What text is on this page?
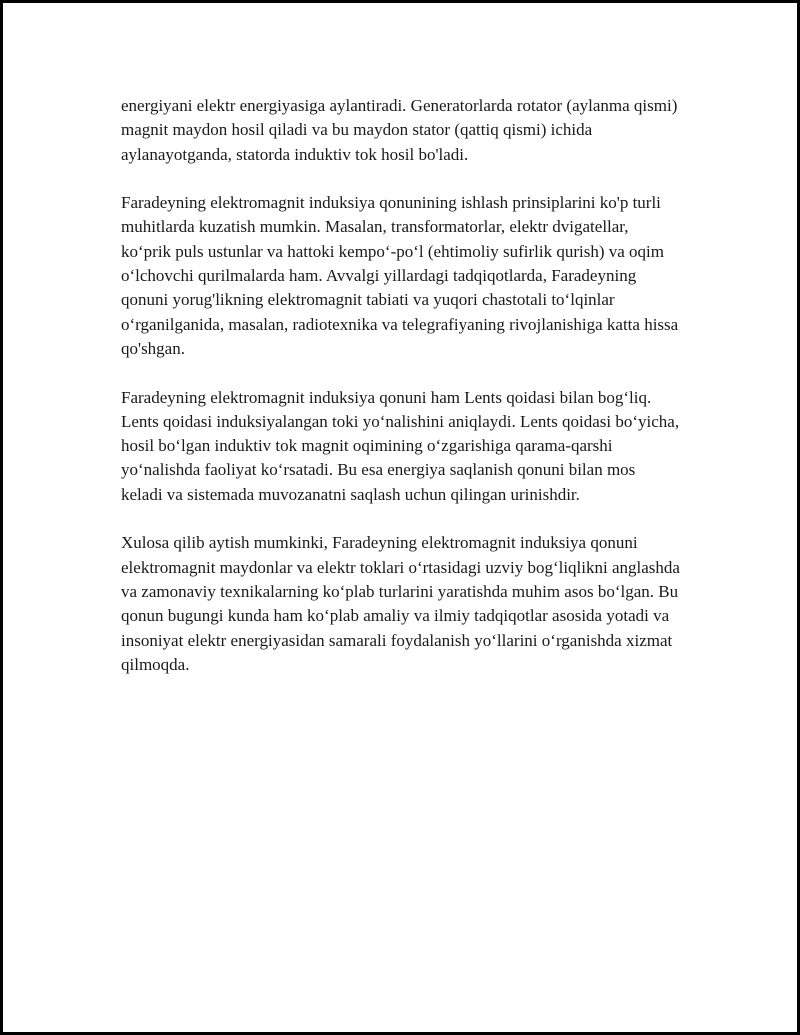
energiyani elektr energiyasiga aylantiradi. Generatorlarda rotator (aylanma qismi) magnit maydon hosil qiladi va bu maydon stator (qattiq qismi) ichida aylanayotganda, statorda induktiv tok hosil bo'ladi.

Faradeyning elektromagnit induksiya qonunining ishlash prinsiplarini ko'p turli muhitlarda kuzatish mumkin. Masalan, transformatorlar, elektr dvigatellar, koʻprik puls ustunlar va hattoki kempoʻ-poʻl (ehtimoliy sufirlik qurish) va oqim oʻlchovchi qurilmalarda ham. Avvalgi yillardagi tadqiqotlarda, Faradeyning qonuni yorug'likning elektromagnit tabiati va yuqori chastotali toʻlqinlar oʻrganilganida, masalan, radiotexnika va telegrafiyaning rivojlanishiga katta hissa qo'shgan.

Faradeyning elektromagnit induksiya qonuni ham Lents qoidasi bilan bogʻliq. Lents qoidasi induksiyalangan toki yoʻnalishini aniqlaydi. Lents qoidasi boʻyicha, hosil boʻlgan induktiv tok magnit oqimining oʻzgarishiga qarama-qarshi yoʻnalishda faoliyat koʻrsatadi. Bu esa energiya saqlanish qonuni bilan mos keladi va sistemada muvozanatni saqlash uchun qilingan urinishdir.

Xulosa qilib aytish mumkinki, Faradeyning elektromagnit induksiya qonuni elektromagnit maydonlar va elektr toklari oʻrtasidagi uzviy bogʻliqlikni anglashda va zamonaviy texnikalarning koʻplab turlarini yaratishda muhim asos boʻlgan. Bu qonun bugungi kunda ham koʻplab amaliy va ilmiy tadqiqotlar asosida yotadi va insoniyat elektr energiyasidan samarali foydalanish yoʻllarini oʻrganishda xizmat qilmoqda.
